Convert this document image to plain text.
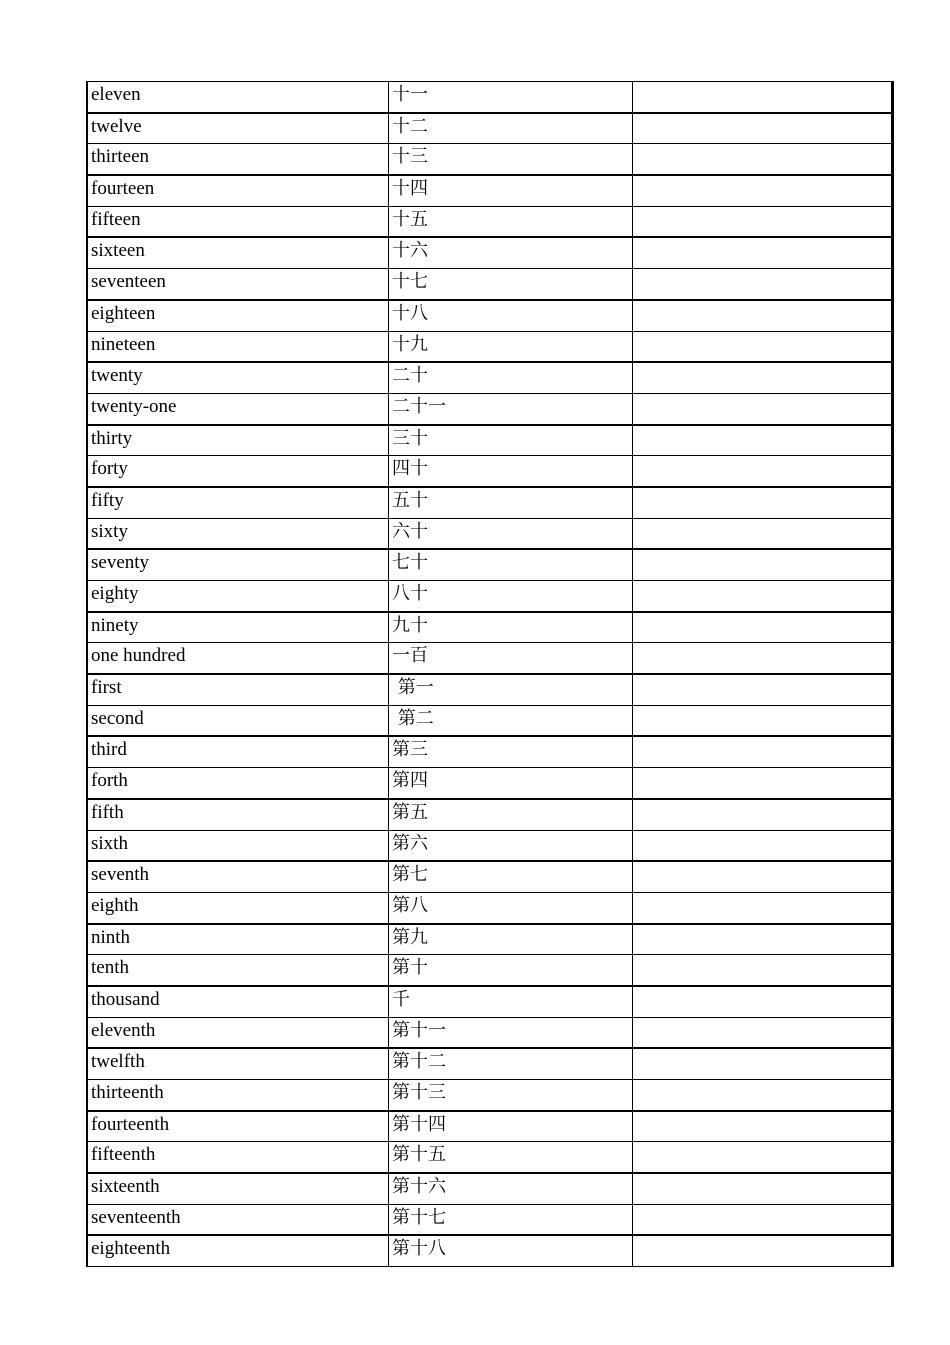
eleven	十一	
twelve	十二	
thirteen	十三	
fourteen	十四	
fifteen	十五	
sixteen	十六	
seventeen	十七	
eighteen	十八	
nineteen	十九	
twenty	二十	
twenty-one	二十一	
thirty	三十	
forty	四十	
fifty	五十	
sixty	六十	
seventy	七十	
eighty	八十	
ninety	九十	
one hundred	一百	
first	第一	
second	第二	
third	第三	
forth	第四	
fifth	第五	
sixth	第六	
seventh	第七	
eighth	第八	
ninth	第九	
tenth	第十	
thousand	千	
eleventh	第十一	
twelfth	第十二	
thirteenth	第十三	
fourteenth	第十四	
fifteenth	第十五	
sixteenth	第十六	
seventeenth	第十七	
eighteenth	第十八	
